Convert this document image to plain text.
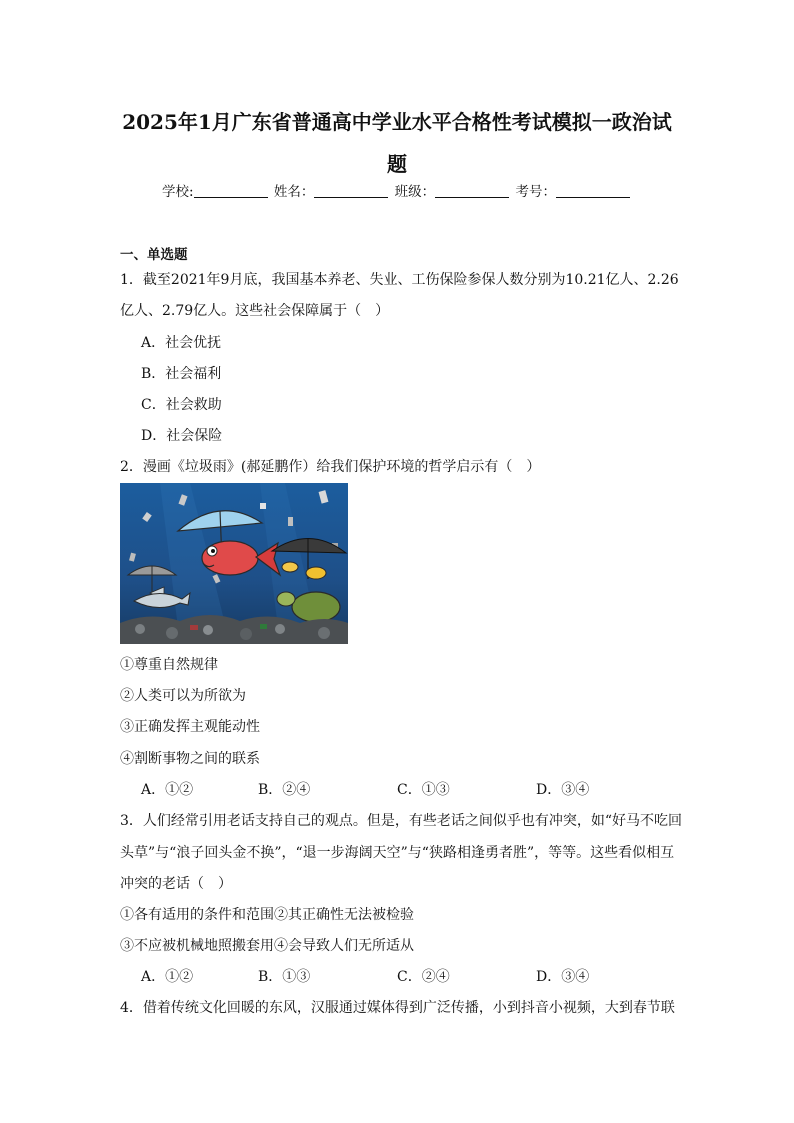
2025年1月广东省普通高中学业水平合格性考试模拟一政治试
题
学校:	姓名：	班级：	考号：
一、单选题
1．截至2021年9月底，我国基本养老、失业、工伤保险参保人数分别为10.21亿人、2.26
亿人、2.79亿人。这些社会保障属于（　）
A．社会优抚
B．社会福利
C．社会救助
D．社会保险
2．漫画《垃圾雨》(郝延鹏作）给我们保护环境的哲学启示有（　）
①尊重自然规律
②人类可以为所欲为
③正确发挥主观能动性
④割断事物之间的联系
A．①②	B．②④	C．①③	D．③④
3．人们经常引用老话支持自己的观点。但是，有些老话之间似乎也有冲突，如“好马不吃回
头草”与“浪子回头金不换”，“退一步海阔天空”与“狭路相逢勇者胜”，等等。这些看似相互
冲突的老话（　）
①各有适用的条件和范围②其正确性无法被检验
③不应被机械地照搬套用④会导致人们无所适从
A．①②	B．①③	C．②④	D．③④
4．借着传统文化回暖的东风，汉服通过媒体得到广泛传播，小到抖音小视频，大到春节联
